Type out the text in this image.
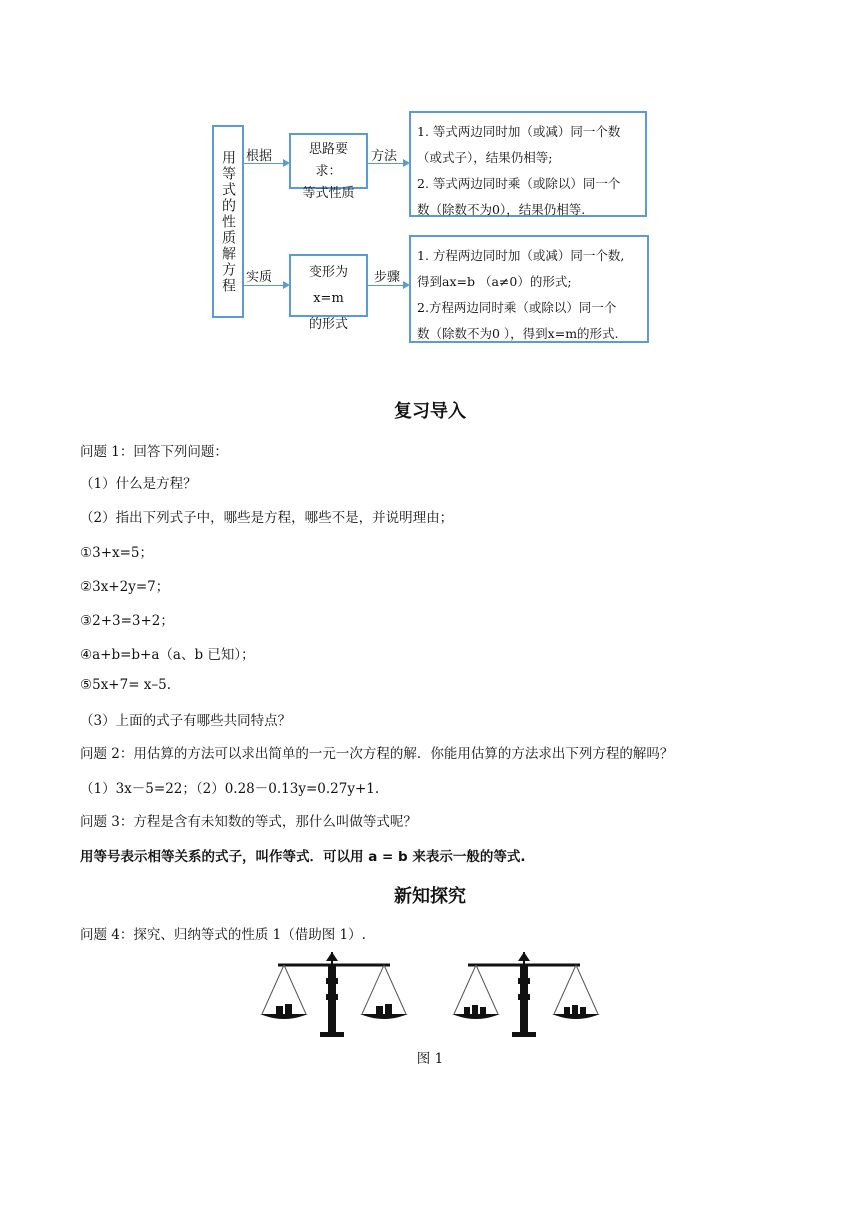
用等式的性质解方程 根据
实质

思路要求：

等式性质

变形为x=m

的形式

方法
步骤

1. 等式两边同时加（或减）同一个数

（或式子），结果仍相等;

2. 等式两边同时乘（或除以）同一个

数（除数不为0），结果仍相等.

1. 方程两边同时加（或减）同一个数,

得到ax=b （a≠0）的形式;

2.方程两边同时乘（或除以）同一个

数（除数不为0 ），得到x=m的形式.

复习导入
问题 1：回答下列问题：
（1）什么是方程？
（2）指出下列式子中，哪些是方程，哪些不是，并说明理由；
①3+x=5；
②3x+2y=7；
③2+3=3+2；
④a+b=b+a（a、b 已知）；
⑤5x+7= x–5.
（3）上面的式子有哪些共同特点？
问题 2：用估算的方法可以求出简单的一元一次方程的解．你能用估算的方法求出下列方程的解吗？
（1）3x－5=22；（2）0.28－0.13y=0.27y+1.
问题 3：方程是含有未知数的等式，那什么叫做等式呢？
用等号表示相等关系的式子，叫作等式．可以用 a = b 来表示一般的等式.
新知探究
问题 4：探究、归纳等式的性质 1（借助图 1）.
图 1
